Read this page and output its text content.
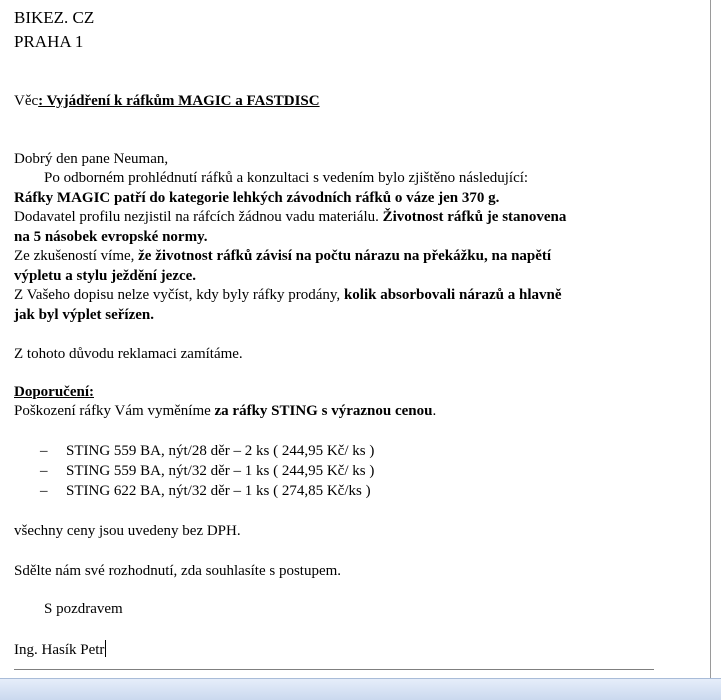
BIKEZ. CZ
PRAHA 1
Věc: Vyjádření k ráfkům MAGIC a FASTDISC
Dobrý den pane Neuman,
Po odborném prohlédnutí ráfků a konzultaci s vedením bylo zjištěno následující:
Ráfky MAGIC patří do kategorie lehkých závodních ráfků o váze jen 370 g.
Dodavatel profilu nezjistil na ráfcích žádnou vadu materiálu. Životnost ráfků je stanovena
na 5 násobek evropské normy.
Ze zkušeností víme, že životnost ráfků závisí na počtu nárazu na překážku, na napětí
výpletu a stylu ježdění jezce.
Z Vašeho dopisu nelze vyčíst, kdy byly ráfky prodány, kolik absorbovali nárazů a hlavně
jak byl výplet seřízen.
Z tohoto důvodu reklamaci zamítáme.
Doporučení:
Poškození ráfky Vám vyměníme za ráfky STING s výraznou cenou.
– STING 559 BA, nýt/28 děr – 2 ks ( 244,95 Kč/ ks )
– STING 559 BA, nýt/32 děr – 1 ks ( 244,95 Kč/ ks )
– STING 622 BA, nýt/32 děr – 1 ks ( 274,85 Kč/ks )
všechny ceny jsou uvedeny bez DPH.
Sdělte nám své rozhodnutí, zda souhlasíte s postupem.
S pozdravem
Ing. Hasík Petr
